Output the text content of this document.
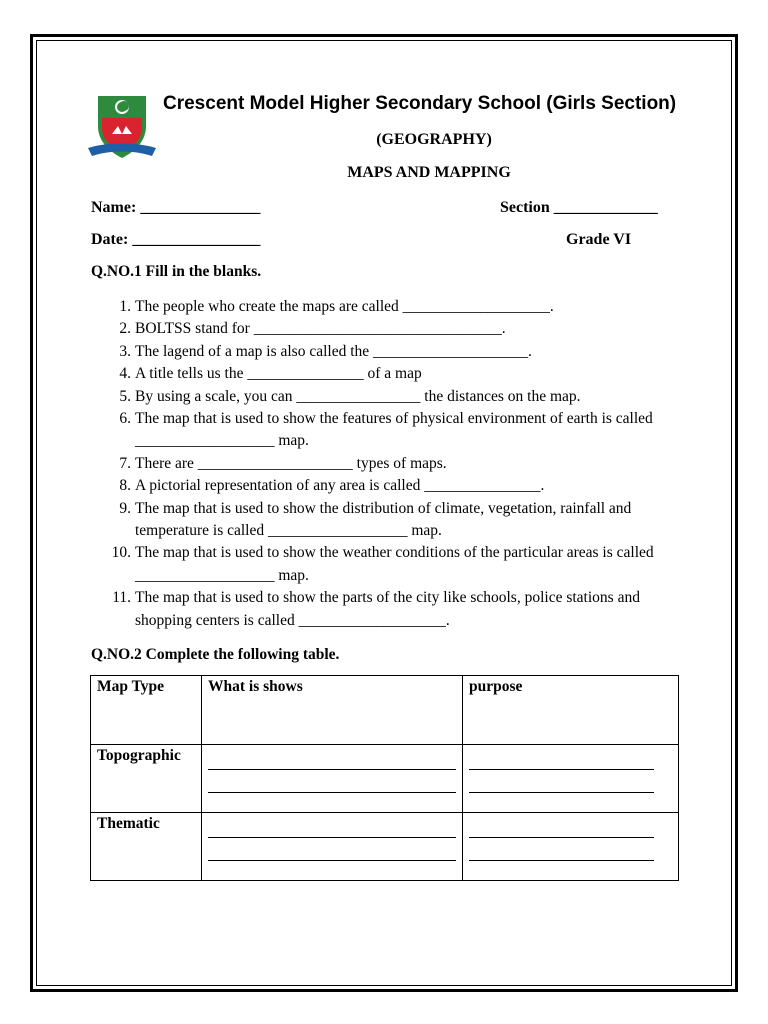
Crescent Model Higher Secondary School (Girls Section)
(GEOGRAPHY)
MAPS AND MAPPING
Name: _______________	Section _____________
Date: ________________	Grade VI
Q.NO.1 Fill in the blanks.
1. The people who create the maps are called ___________________.
2. BOLTSS stand for ________________________________.
3. The lagend of a map is also called the ____________________.
4. A title tells us the _______________ of a map
5. By using a scale, you can ________________ the distances on the map.
6. The map that is used to show the features of physical environment of earth is called __________________ map.
7. There are ____________________ types of maps.
8. A pictorial representation of any area is called _______________.
9. The map that is used to show the distribution of climate, vegetation, rainfall and temperature is called __________________ map.
10. The map that is used to show the weather conditions of the particular areas is called __________________ map.
11. The map that is used to show the parts of the city like schools, police stations and shopping centers is called ___________________.
Q.NO.2 Complete the following table.
Map Type	What is shows	purpose
Topographic	

Thematic	
